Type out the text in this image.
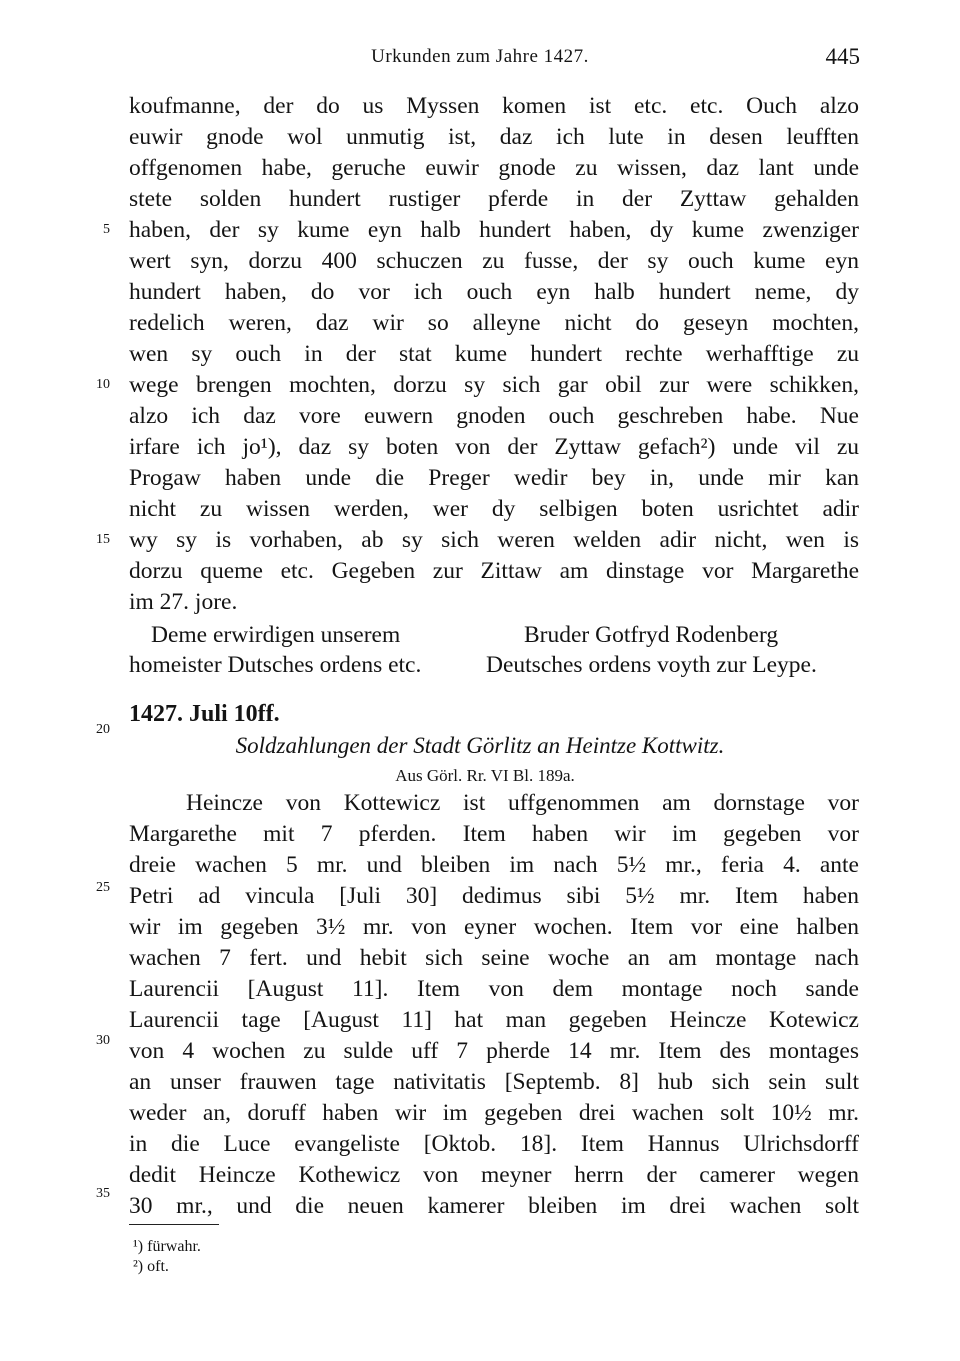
Urkunden zum Jahre 1427.	445
koufmanne, der do us Myssen komen ist etc. etc. Ouch alzo
euwir gnode wol unmutig ist, daz ich lute in desen leufften
offgenomen habe, geruche euwir gnode zu wissen, daz lant unde
stete solden hundert rustiger pferde in der Zyttaw gehalden
haben, der sy kume eyn halb hundert haben, dy kume zwenziger
wert syn, dorzu 400 schuczen zu fusse, der sy ouch kume eyn
hundert haben, do vor ich ouch eyn halb hundert neme, dy
redelich weren, daz wir so alleyne nicht do geseyn mochten,
wen sy ouch in der stat kume hundert rechte werhafftige zu
wege brengen mochten, dorzu sy sich gar obil zur were schikken,
alzo ich daz vore euwern gnoden ouch geschreben habe. Nue
irfare ich jo¹), daz sy boten von der Zyttaw gefach²) unde vil zu
Progaw haben unde die Preger wedir bey in, unde mir kan
nicht zu wissen werden, wer dy selbigen boten usrichtet adir
wy sy is vorhaben, ab sy sich weren welden adir nicht, wen is
dorzu queme etc. Gegeben zur Zittaw am dinstage vor Margarethe
im 27. jore.
Deme erwirdigen unserem
homeister Dutsches ordens etc.
Bruder Gotfryd Rodenberg
Deutsches ordens voyth zur Leype.
1427. Juli 10ff.
Soldzahlungen der Stadt Görlitz an Heintze Kottwitz.
Aus Görl. Rr. VI Bl. 189a.
Heincze von Kottewicz ist uffgenommen am dornstage vor
Margarethe mit 7 pferden. Item haben wir im gegeben vor
dreie wachen 5 mr. und bleiben im nach 5½ mr., feria 4. ante
Petri ad vincula [Juli 30] dedimus sibi 5½ mr. Item haben
wir im gegeben 3½ mr. von eyner wochen. Item vor eine halben
wachen 7 fert. und hebit sich seine woche an am montage nach
Laurencii [August 11]. Item von dem montage noch sande
Laurencii tage [August 11] hat man gegeben Heincze Kotewicz
von 4 wochen zu sulde uff 7 pherde 14 mr. Item des montages
an unser frauwen tage nativitatis [Septemb. 8] hub sich sein sult
weder an, doruff haben wir im gegeben drei wachen solt 10½ mr.
in die Luce evangeliste [Oktob. 18]. Item Hannus Ulrichsdorff
dedit Heincze Kothewicz von meyner herrn der camerer wegen
30 mr., und die neuen kamerer bleiben im drei wachen solt
5
10
15
20
25
30
35
¹) fürwahr.
²) oft.
